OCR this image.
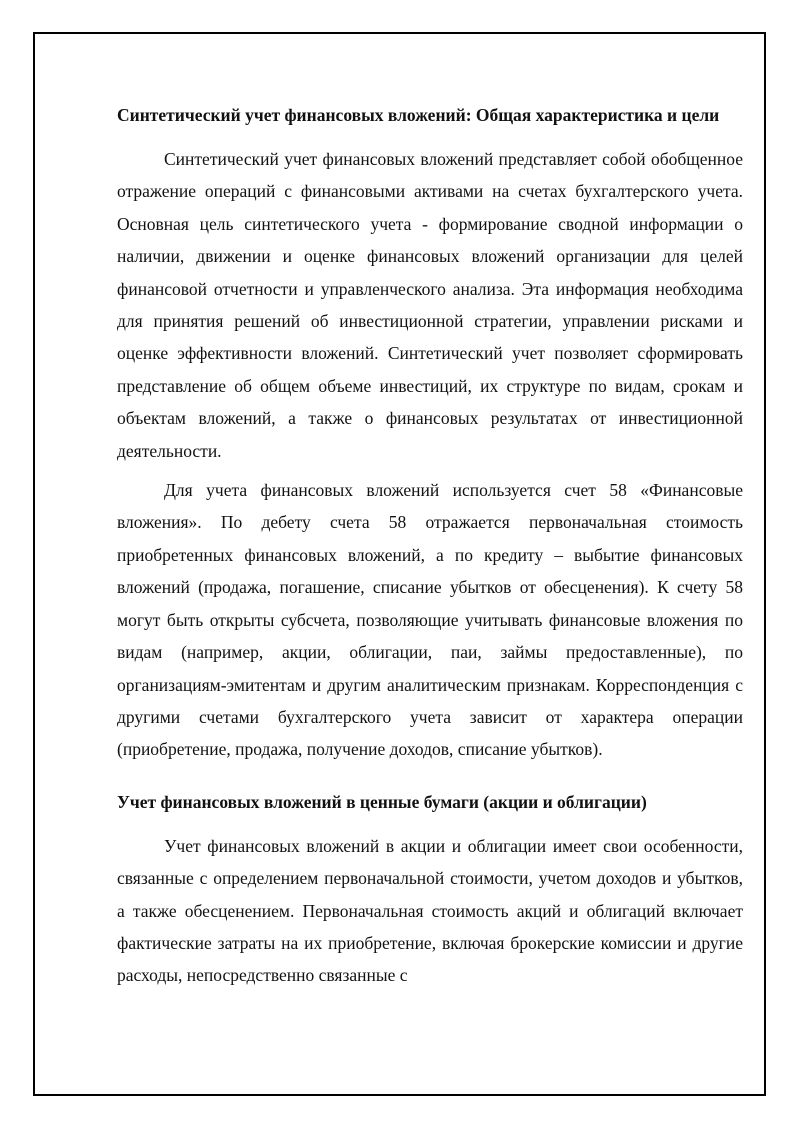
Синтетический учет финансовых вложений: Общая характеристика и цели

Синтетический учет финансовых вложений представляет собой обобщенное отражение операций с финансовыми активами на счетах бухгалтерского учета. Основная цель синтетического учета - формирование сводной информации о наличии, движении и оценке финансовых вложений организации для целей финансовой отчетности и управленческого анализа. Эта информация необходима для принятия решений об инвестиционной стратегии, управлении рисками и оценке эффективности вложений. Синтетический учет позволяет сформировать представление об общем объеме инвестиций, их структуре по видам, срокам и объектам вложений, а также о финансовых результатах от инвестиционной деятельности.

Для учета финансовых вложений используется счет 58 «Финансовые вложения». По дебету счета 58 отражается первоначальная стоимость приобретенных финансовых вложений, а по кредиту – выбытие финансовых вложений (продажа, погашение, списание убытков от обесценения). К счету 58 могут быть открыты субсчета, позволяющие учитывать финансовые вложения по видам (например, акции, облигации, паи, займы предоставленные), по организациям-эмитентам и другим аналитическим признакам. Корреспонденция с другими счетами бухгалтерского учета зависит от характера операции (приобретение, продажа, получение доходов, списание убытков).

Учет финансовых вложений в ценные бумаги (акции и облигации)

Учет финансовых вложений в акции и облигации имеет свои особенности, связанные с определением первоначальной стоимости, учетом доходов и убытков, а также обесценением. Первоначальная стоимость акций и облигаций включает фактические затраты на их приобретение, включая брокерские комиссии и другие расходы, непосредственно связанные с
